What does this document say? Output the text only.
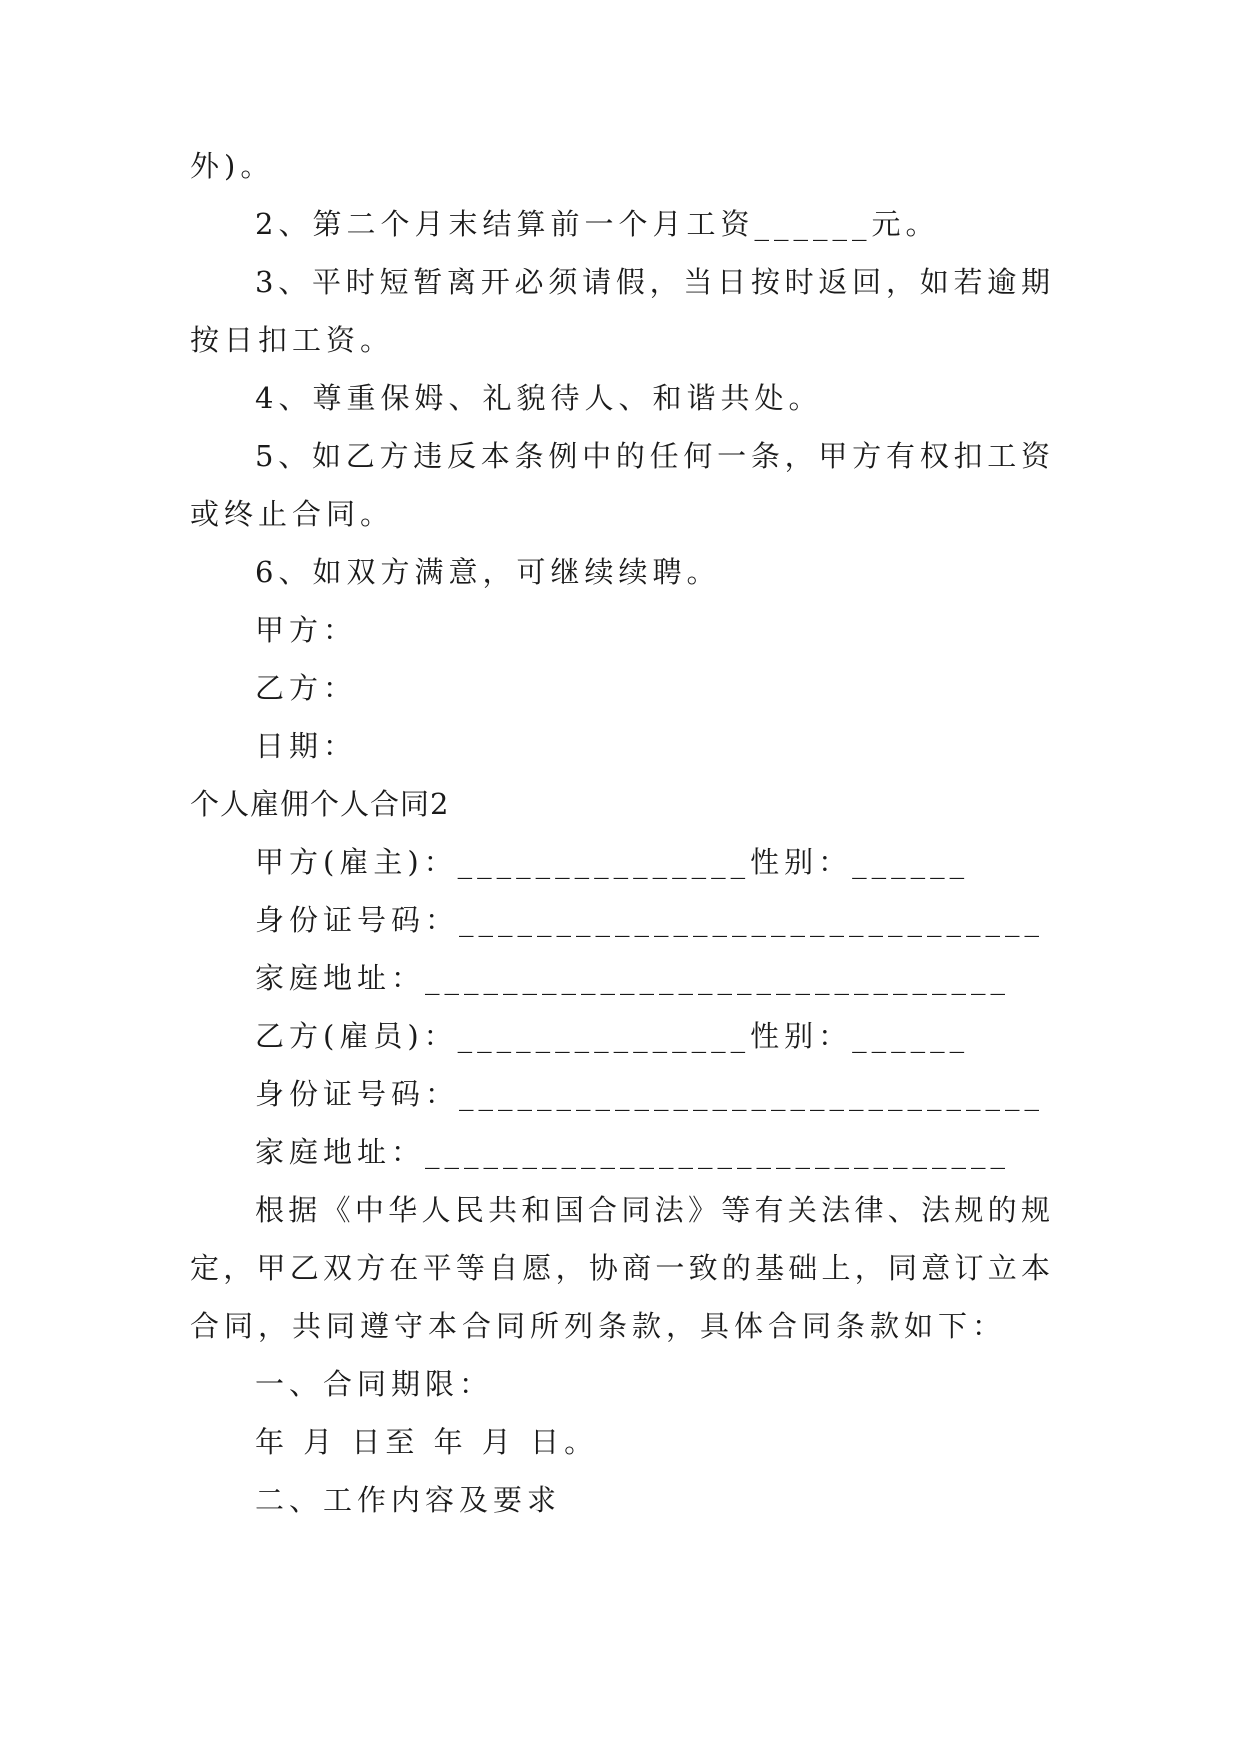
外)。
2、第二个月末结算前一个月工资______元。
3、平时短暂离开必须请假，当日按时返回，如若逾期
按日扣工资。
4、尊重保姆、礼貌待人、和谐共处。
5、如乙方违反本条例中的任何一条，甲方有权扣工资
或终止合同。
6、如双方满意，可继续续聘。
甲方：
乙方：
日期：
个人雇佣个人合同2
甲方(雇主)：_______________性别：______
身份证号码：______________________________
家庭地址：______________________________
乙方(雇员)：_______________性别：______
身份证号码：______________________________
家庭地址：______________________________
根据《中华人民共和国合同法》等有关法律、法规的规
定，甲乙双方在平等自愿，协商一致的基础上，同意订立本
合同，共同遵守本合同所列条款，具体合同条款如下：
一、合同期限：
年 月 日至 年 月 日。
二、工作内容及要求
